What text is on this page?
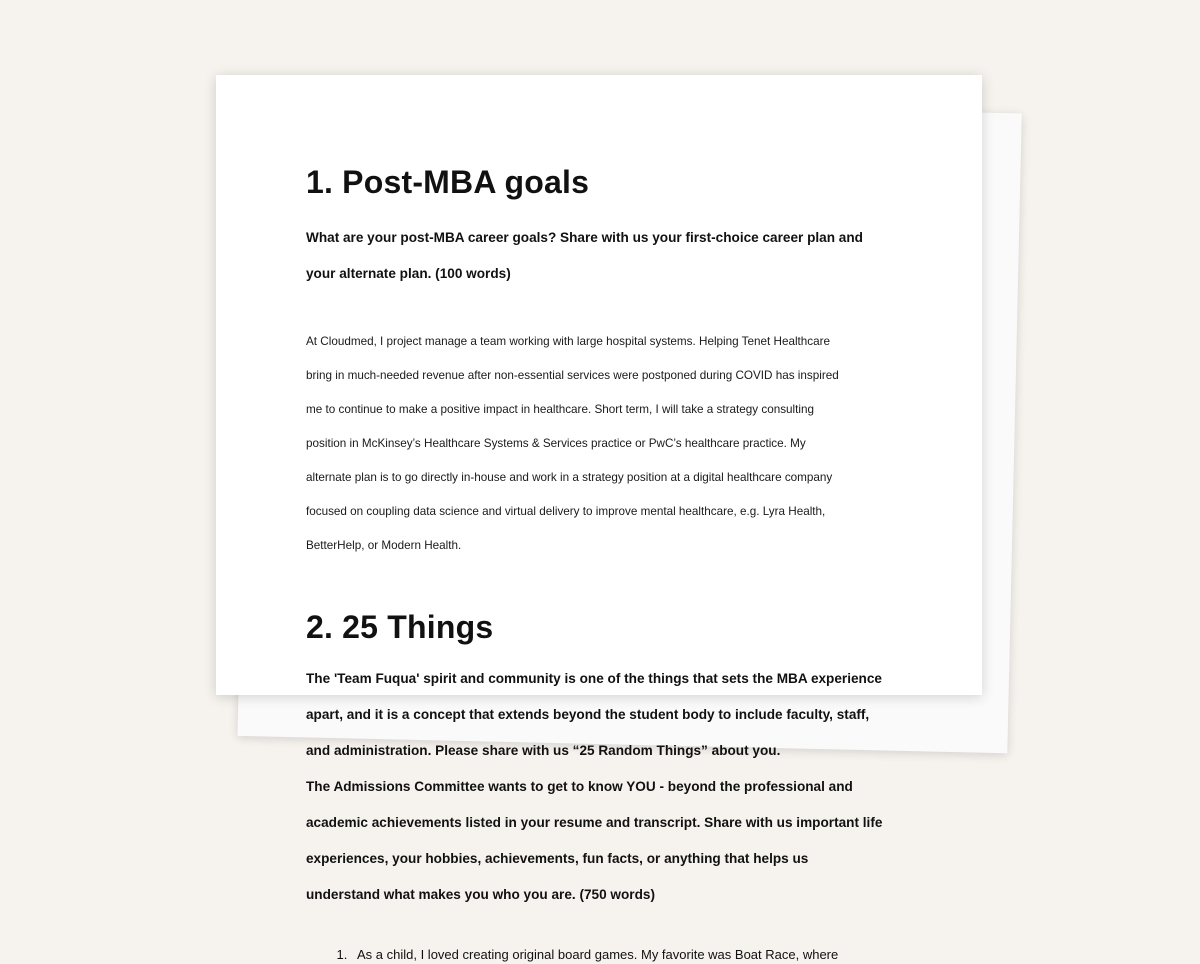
1. Post-MBA goals

What are your post-MBA career goals? Share with us your first-choice career plan and

your alternate plan. (100 words)

At Cloudmed, I project manage a team working with large hospital systems. Helping Tenet Healthcare

bring in much-needed revenue after non-essential services were postponed during COVID has inspired

me to continue to make a positive impact in healthcare. Short term, I will take a strategy consulting

position in McKinsey’s Healthcare Systems & Services practice or PwC’s healthcare practice. My

alternate plan is to go directly in-house and work in a strategy position at a digital healthcare company

focused on coupling data science and virtual delivery to improve mental healthcare, e.g. Lyra Health,

BetterHelp, or Modern Health.

2. 25 Things

The 'Team Fuqua' spirit and community is one of the things that sets the MBA experience

apart, and it is a concept that extends beyond the student body to include faculty, staff,

and administration. Please share with us “25 Random Things” about you.

The Admissions Committee wants to get to know YOU - beyond the professional and

academic achievements listed in your resume and transcript. Share with us important life

experiences, your hobbies, achievements, fun facts, or anything that helps us

understand what makes you who you are. (750 words)

1. As a child, I loved creating original board games. My favorite was Boat Race, where
